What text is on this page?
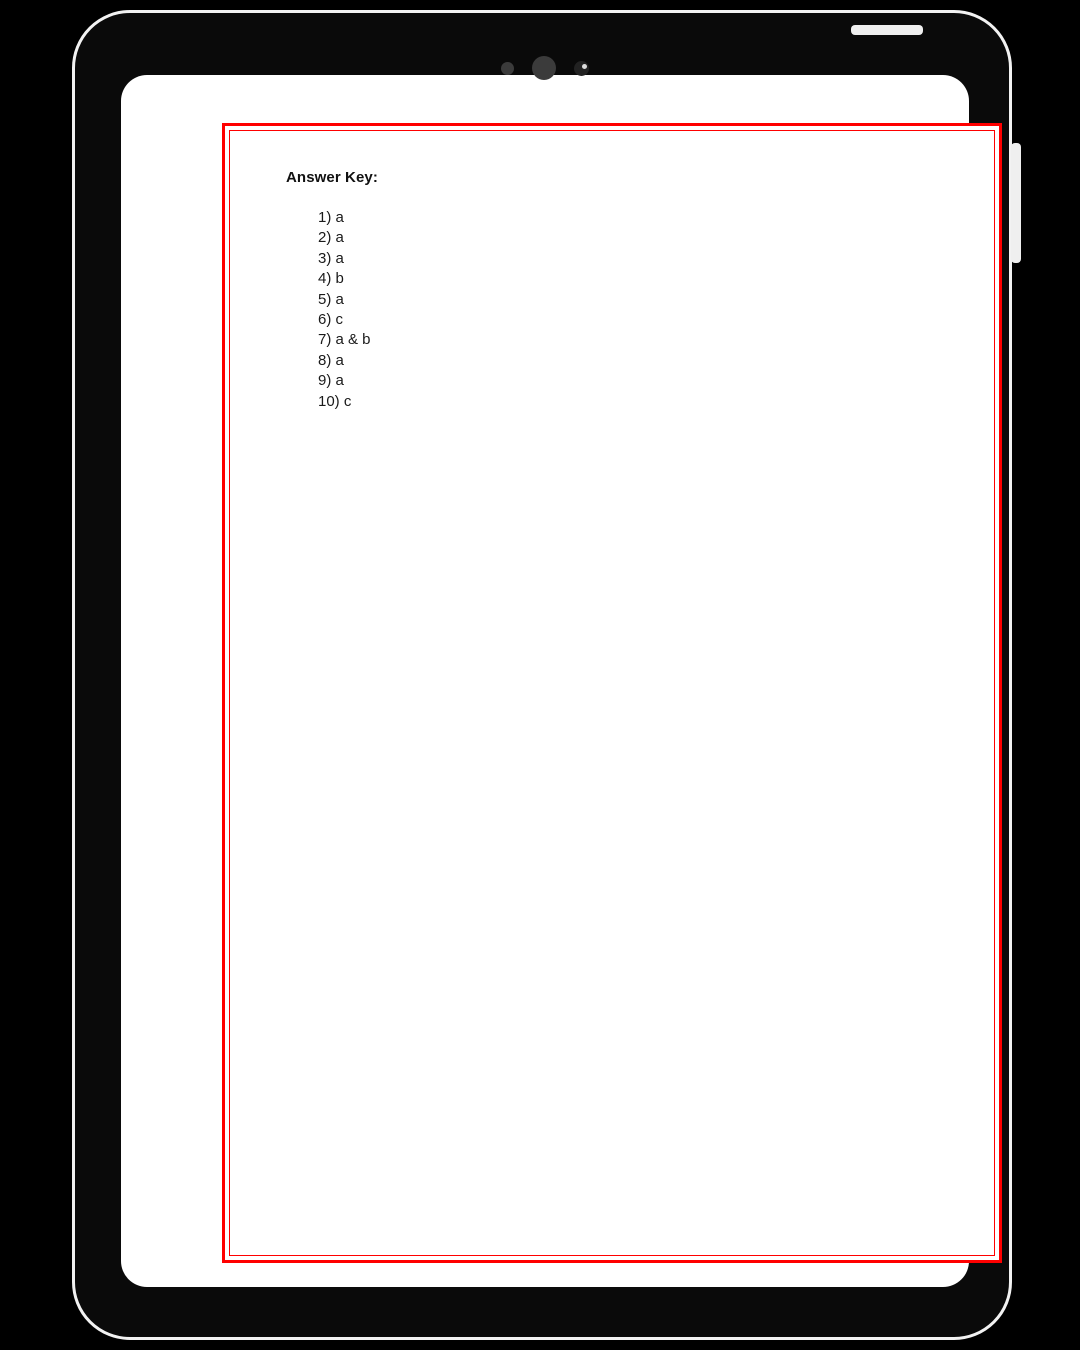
Answer Key:
1) a
2) a
3) a
4) b
5) a
6) c
7) a & b
8) a
9) a
10) c
